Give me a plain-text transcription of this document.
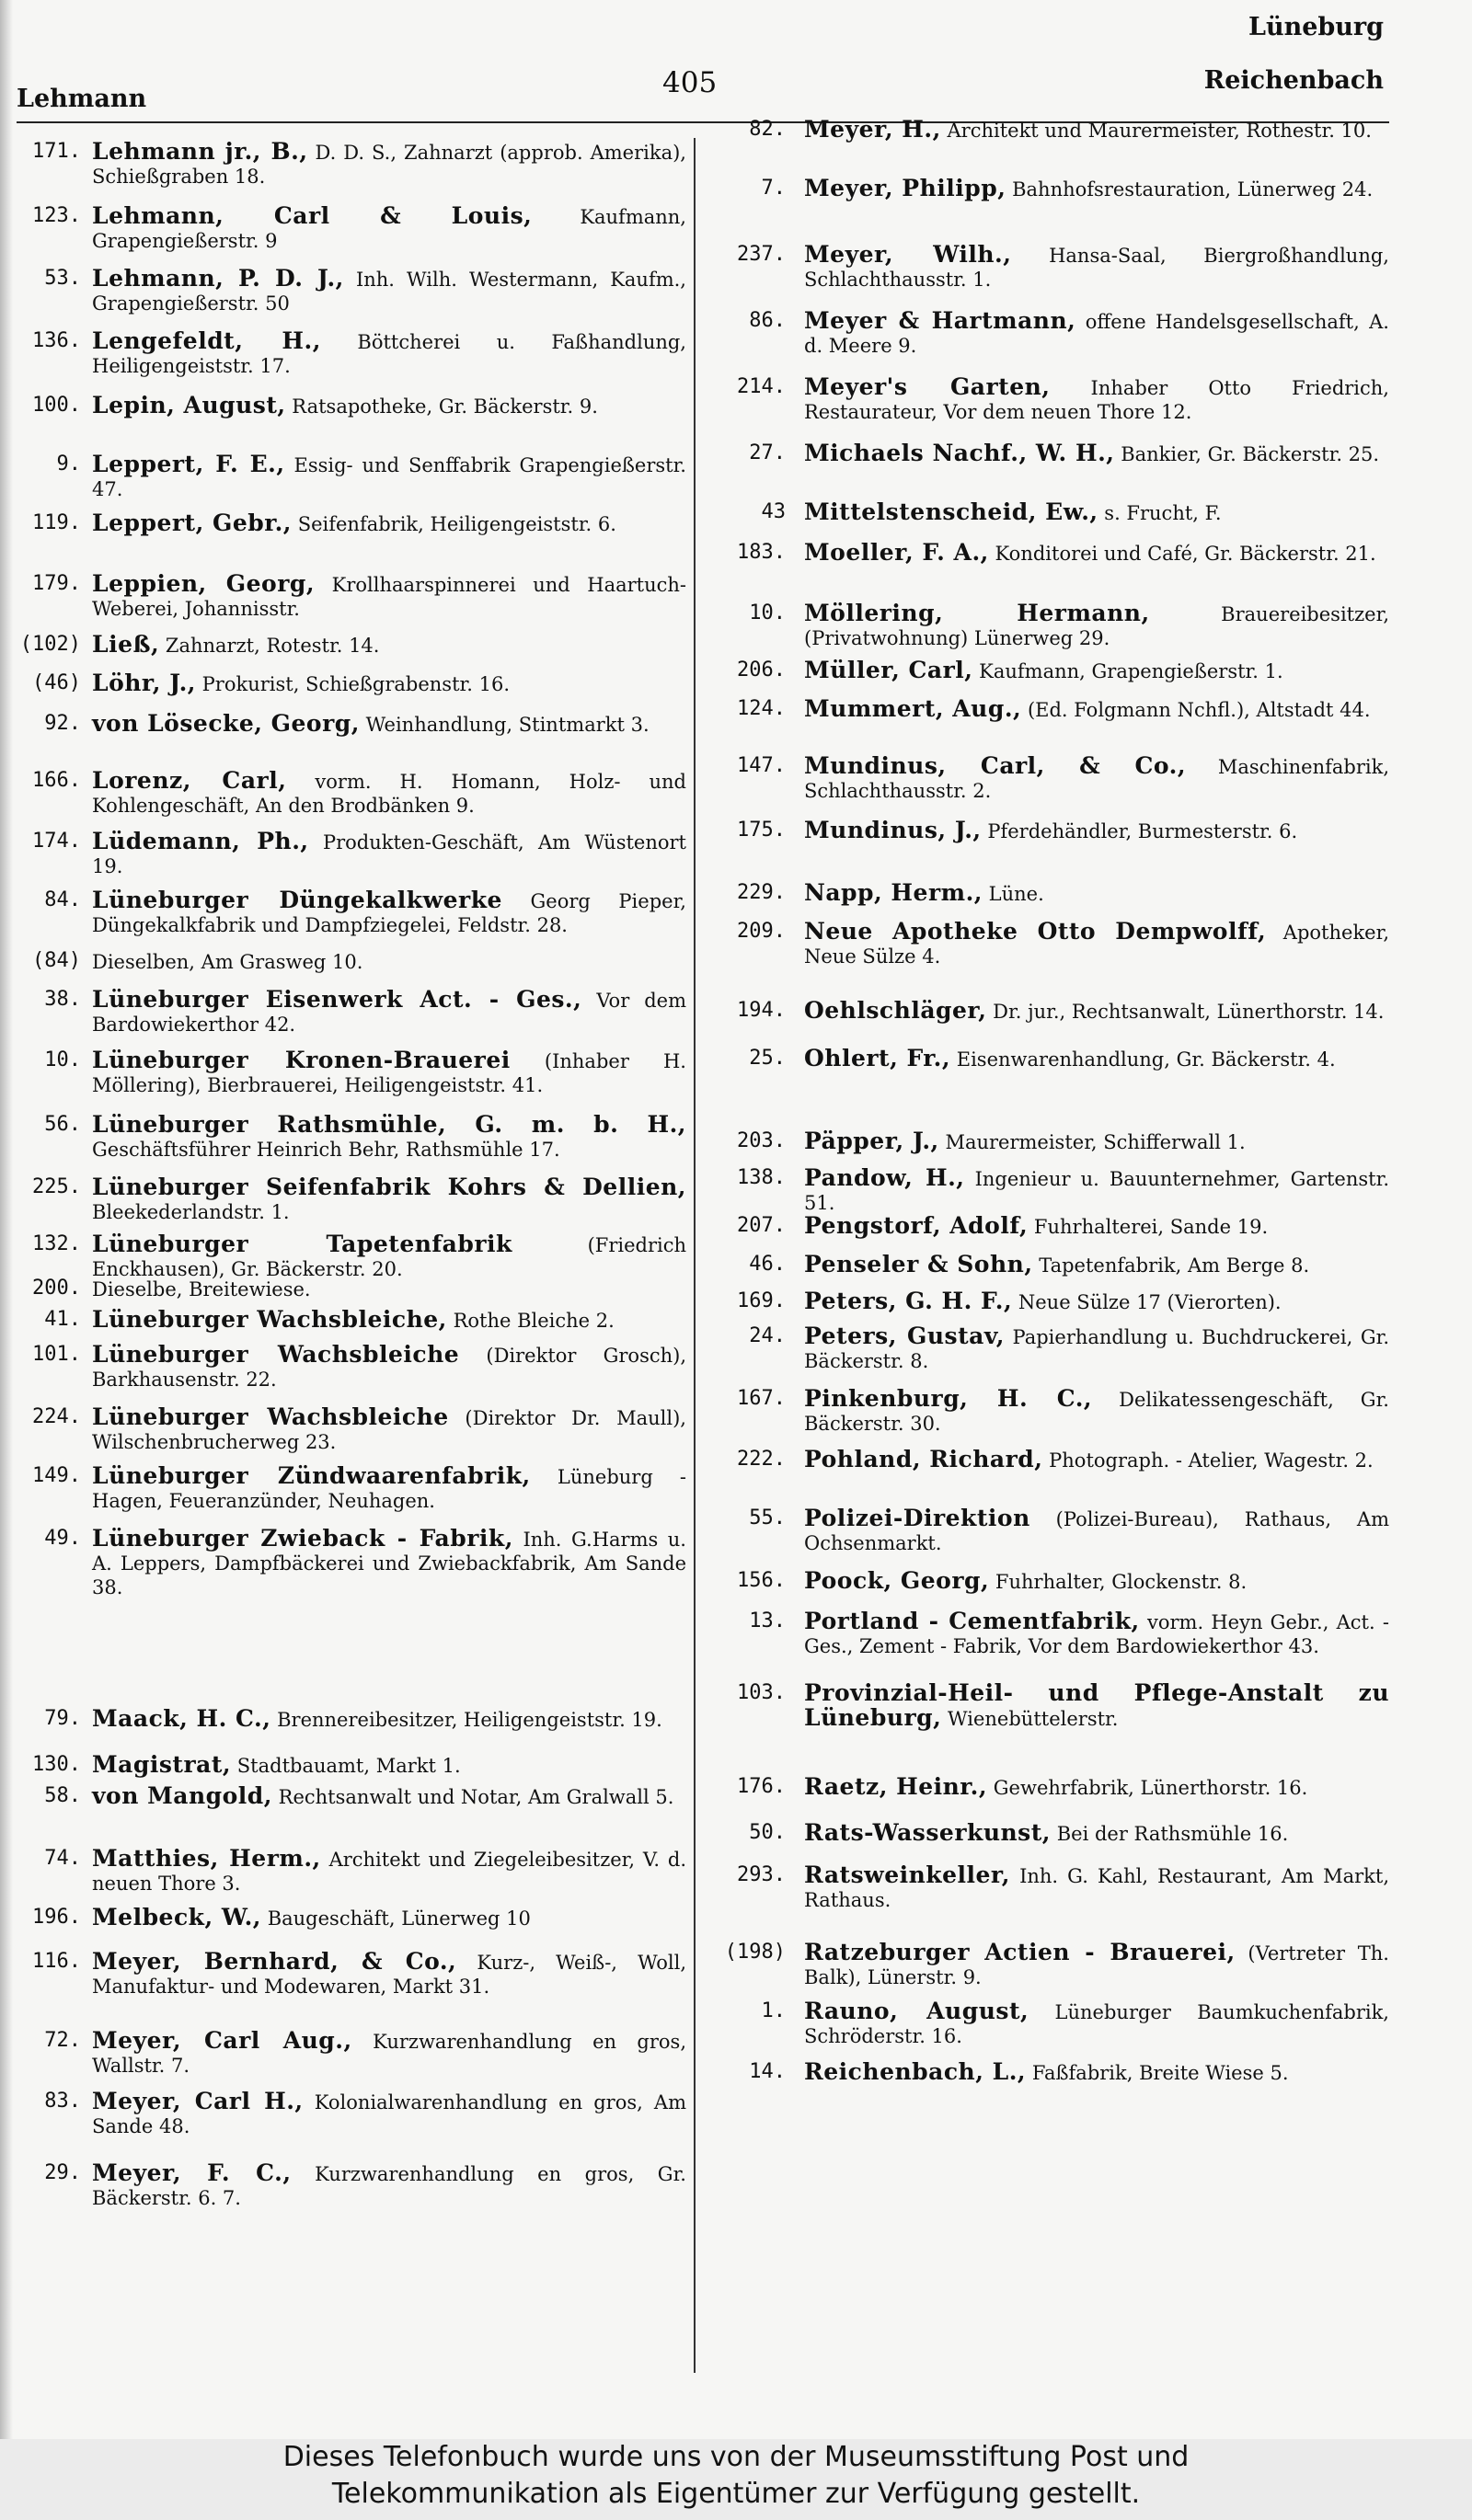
Lehmann	405
Lüneburg
Reichenbach
171. Lehmann jr., B., D. D. S., Zahnarzt (approb. Amerika), Schießgraben 18.
123. Lehmann, Carl & Louis, Kaufmann, Grapengießerstr. 9
53. Lehmann, P. D. J., Inh. Wilh. Westermann, Kaufm., Grapengießerstr. 50
136. Lengefeldt, H., Böttcherei u. Faßhandlung, Heiligengeiststr. 17.
100. Lepin, August, Ratsapotheke, Gr. Bäckerstr. 9.
9. Leppert, F. E., Essig- und Senffabrik Grapengießerstr. 47.
119. Leppert, Gebr., Seifenfabrik, Heiligengeiststr. 6.
179. Leppien, Georg, Krollhaarspinnerei und Haartuch-Weberei, Johannisstr.
(102) Ließ, Zahnarzt, Rotestr. 14.
(46) Löhr, J., Prokurist, Schießgrabenstr. 16.
92. von Lösecke, Georg, Weinhandlung, Stintmarkt 3.
166. Lorenz, Carl, vorm. H. Homann, Holz- und Kohlengeschäft, An den Brodbänken 9.
174. Lüdemann, Ph., Produkten-Geschäft, Am Wüstenort 19.
84. Lüneburger Düngekalkwerke Georg Pieper, Düngekalkfabrik und Dampfziegelei, Feldstr. 28.
(84) Dieselben, Am Grasweg 10.
38. Lüneburger Eisenwerk Act. - Ges., Vor dem Bardowiekerthor 42.
10. Lüneburger Kronen-Brauerei (Inhaber H. Möllering), Bierbrauerei, Heiligengeiststr. 41.
56. Lüneburger Rathsmühle, G. m. b. H., Geschäftsführer Heinrich Behr, Rathsmühle 17.
225. Lüneburger Seifenfabrik Kohrs & Dellien, Bleekederlandstr. 1.
132. Lüneburger Tapetenfabrik	(Friedrich Enckhausen), Gr. Bäckerstr. 20.
200. Dieselbe, Breitewiese.
41. Lüneburger Wachsbleiche, Rothe Bleiche 2.
101. Lüneburger Wachsbleiche (Direktor Grosch), Barkhausenstr. 22.
224. Lüneburger Wachsbleiche (Direktor Dr. Maull), Wilschenbrucherweg 23.
149. Lüneburger Zündwaarenfabrik, Lüneburg - Hagen, Feueranzünder, Neuhagen.
49. Lüneburger Zwieback - Fabrik, Inh. G.Harms u. A. Leppers, Dampfbäckerei und Zwiebackfabrik, Am Sande 38.
79. Maack, H. C., Brennereibesitzer, Heiligengeiststr. 19.
130. Magistrat, Stadtbauamt, Markt 1.
58. von Mangold, Rechtsanwalt und Notar, Am Gralwall 5.
74. Matthies, Herm., Architekt und Ziegeleibesitzer, V. d. neuen Thore 3.
196. Melbeck, W., Baugeschäft, Lünerweg 10
116. Meyer, Bernhard, & Co., Kurz-, Weiß-, Woll, Manufaktur- und Modewaren, Markt 31.
72. Meyer, Carl Aug., Kurzwarenhandlung en gros, Wallstr. 7.
83. Meyer, Carl H., Kolonialwarenhandlung en gros, Am Sande 48.
29. Meyer, F. C., Kurzwarenhandlung en gros, Gr. Bäckerstr. 6. 7.
82. Meyer, H., Architekt und Maurermeister, Rothestr. 10.
7. Meyer, Philipp, Bahnhofsrestauration, Lünerweg 24.
237. Meyer, Wilh., Hansa-Saal, Biergroßhandlung, Schlachthausstr. 1.
86. Meyer & Hartmann, offene Handelsgesellschaft, A. d. Meere 9.
214. Meyer's Garten, Inhaber Otto Friedrich, Restaurateur, Vor dem neuen Thore 12.
27. Michaels Nachf., W. H., Bankier, Gr. Bäckerstr. 25.
43 Mittelstenscheid, Ew., s. Frucht, F.
183. Moeller, F. A., Konditorei und Café, Gr. Bäckerstr. 21.
10. Möllering, Hermann,	Brauereibesitzer, (Privatwohnung) Lünerweg 29.
206. Müller, Carl, Kaufmann, Grapengießerstr. 1.
124. Mummert, Aug., (Ed. Folgmann Nchfl.), Altstadt 44.
147. Mundinus, Carl, & Co., Maschinenfabrik, Schlachthausstr. 2.
175. Mundinus, J., Pferdehändler, Burmesterstr. 6.
229. Napp, Herm., Lüne.
209. Neue Apotheke Otto Dempwolff, Apotheker, Neue Sülze 4.
194. Oehlschläger, Dr. jur., Rechtsanwalt, Lünerthorstr. 14.
25. Ohlert, Fr., Eisenwarenhandlung, Gr. Bäckerstr. 4.
203. Päpper, J., Maurermeister, Schifferwall 1.
138. Pandow, H., Ingenieur u. Bauunternehmer, Gartenstr. 51.
207. Pengstorf, Adolf, Fuhrhalterei, Sande 19.
46. Penseler & Sohn, Tapetenfabrik, Am Berge 8.
169. Peters, G. H. F., Neue Sülze 17 (Vierorten).
24. Peters, Gustav, Papierhandlung u. Buchdruckerei, Gr. Bäckerstr. 8.
167. Pinkenburg, H. C., Delikatessengeschäft, Gr. Bäckerstr. 30.
222. Pohland, Richard, Photograph. - Atelier, Wagestr. 2.
55. Polizei-Direktion (Polizei-Bureau), Rathaus, Am Ochsenmarkt.
156. Poock, Georg, Fuhrhalter, Glockenstr. 8.
13. Portland - Cementfabrik, vorm. Heyn Gebr., Act. - Ges., Zement - Fabrik, Vor dem Bardowiekerthor 43.
103. Provinzial-Heil- und Pflege-Anstalt zu Lüneburg, Wienebüttelerstr.
176. Raetz, Heinr., Gewehrfabrik, Lünerthorstr. 16.
50. Rats-Wasserkunst, Bei der Rathsmühle 16.
293. Ratsweinkeller, Inh. G. Kahl, Restaurant, Am Markt, Rathaus.
(198) Ratzeburger Actien - Brauerei, (Vertreter Th. Balk), Lünerstr. 9.
1. Rauno, August, Lüneburger Baumkuchenfabrik, Schröderstr. 16.
14. Reichenbach, L., Faßfabrik, Breite Wiese 5.
Dieses Telefonbuch wurde uns von der Museumsstiftung Post und
Telekommunikation als Eigentümer zur Verfügung gestellt.
